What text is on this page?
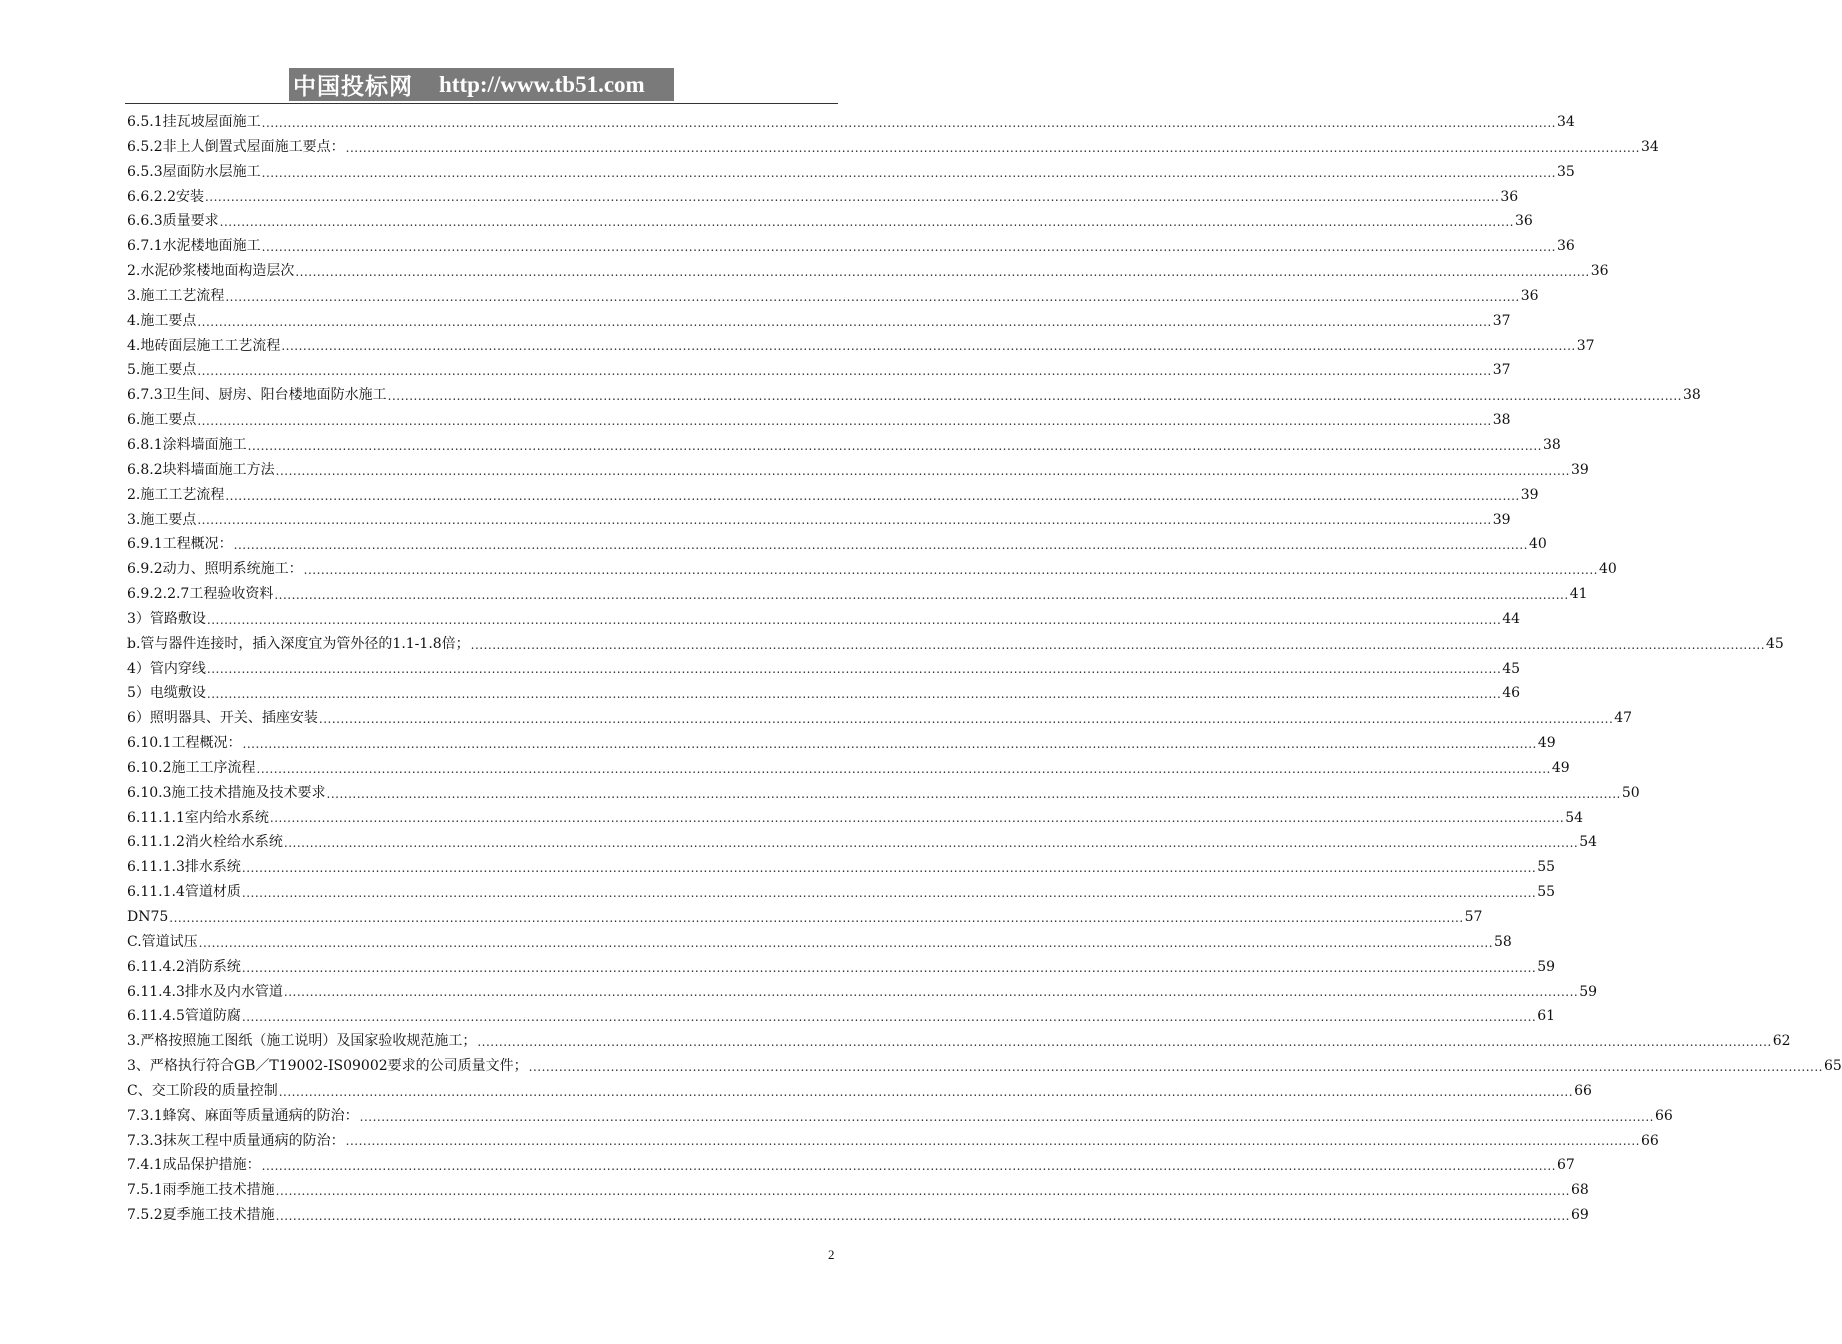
中国投标网 http://www.tb51.com
6.5.1挂瓦坡屋面施工 ............................................................................................................................................................................................................................................................................................................ 34
6.5.2非上人倒置式屋面施工要点： ............................................................................................................................................................................................................................................................................................................ 34
6.5.3屋面防水层施工 ............................................................................................................................................................................................................................................................................................................ 35
6.6.2.2安装 ............................................................................................................................................................................................................................................................................................................ 36
6.6.3质量要求 ............................................................................................................................................................................................................................................................................................................ 36
6.7.1水泥楼地面施工 ............................................................................................................................................................................................................................................................................................................ 36
2.水泥砂浆楼地面构造层次 ............................................................................................................................................................................................................................................................................................................ 36
3.施工工艺流程 ............................................................................................................................................................................................................................................................................................................ 36
4.施工要点 ............................................................................................................................................................................................................................................................................................................ 37
4.地砖面层施工工艺流程 ............................................................................................................................................................................................................................................................................................................ 37
5.施工要点 ............................................................................................................................................................................................................................................................................................................ 37
6.7.3卫生间、厨房、阳台楼地面防水施工 ............................................................................................................................................................................................................................................................................................................ 38
6.施工要点 ............................................................................................................................................................................................................................................................................................................ 38
6.8.1涂料墙面施工 ............................................................................................................................................................................................................................................................................................................ 38
6.8.2块料墙面施工方法 ............................................................................................................................................................................................................................................................................................................ 39
2.施工工艺流程 ............................................................................................................................................................................................................................................................................................................ 39
3.施工要点 ............................................................................................................................................................................................................................................................................................................ 39
6.9.1工程概况： ............................................................................................................................................................................................................................................................................................................ 40
6.9.2动力、照明系统施工： ............................................................................................................................................................................................................................................................................................................ 40
6.9.2.2.7工程验收资料 ............................................................................................................................................................................................................................................................................................................ 41
3）管路敷设 ............................................................................................................................................................................................................................................................................................................ 44
b.管与器件连接时，插入深度宜为管外径的1.1-1.8倍； ............................................................................................................................................................................................................................................................................................................ 45
4）管内穿线 ............................................................................................................................................................................................................................................................................................................ 45
5）电缆敷设 ............................................................................................................................................................................................................................................................................................................ 46
6）照明器具、开关、插座安装 ............................................................................................................................................................................................................................................................................................................ 47
6.10.1工程概况： ............................................................................................................................................................................................................................................................................................................ 49
6.10.2施工工序流程 ............................................................................................................................................................................................................................................................................................................ 49
6.10.3施工技术措施及技术要求 ............................................................................................................................................................................................................................................................................................................ 50
6.11.1.1室内给水系统 ............................................................................................................................................................................................................................................................................................................ 54
6.11.1.2消火栓给水系统 ............................................................................................................................................................................................................................................................................................................ 54
6.11.1.3排水系统 ............................................................................................................................................................................................................................................................................................................ 55
6.11.1.4管道材质 ............................................................................................................................................................................................................................................................................................................ 55
DN75 ............................................................................................................................................................................................................................................................................................................ 57
C.管道试压 ............................................................................................................................................................................................................................................................................................................ 58
6.11.4.2消防系统 ............................................................................................................................................................................................................................................................................................................ 59
6.11.4.3排水及内水管道 ............................................................................................................................................................................................................................................................................................................ 59
6.11.4.5管道防腐 ............................................................................................................................................................................................................................................................................................................ 61
3.严格按照施工图纸（施工说明）及国家验收规范施工； ............................................................................................................................................................................................................................................................................................................ 62
3、严格执行符合GB／T19002-IS09002要求的公司质量文件； ............................................................................................................................................................................................................................................................................................................ 65
C、交工阶段的质量控制 ............................................................................................................................................................................................................................................................................................................ 66
7.3.1蜂窝、麻面等质量通病的防治： ............................................................................................................................................................................................................................................................................................................ 66
7.3.3抹灰工程中质量通病的防治： ............................................................................................................................................................................................................................................................................................................ 66
7.4.1成品保护措施： ............................................................................................................................................................................................................................................................................................................ 67
7.5.1雨季施工技术措施 ............................................................................................................................................................................................................................................................................................................ 68
7.5.2夏季施工技术措施 ............................................................................................................................................................................................................................................................................................................ 69
2
